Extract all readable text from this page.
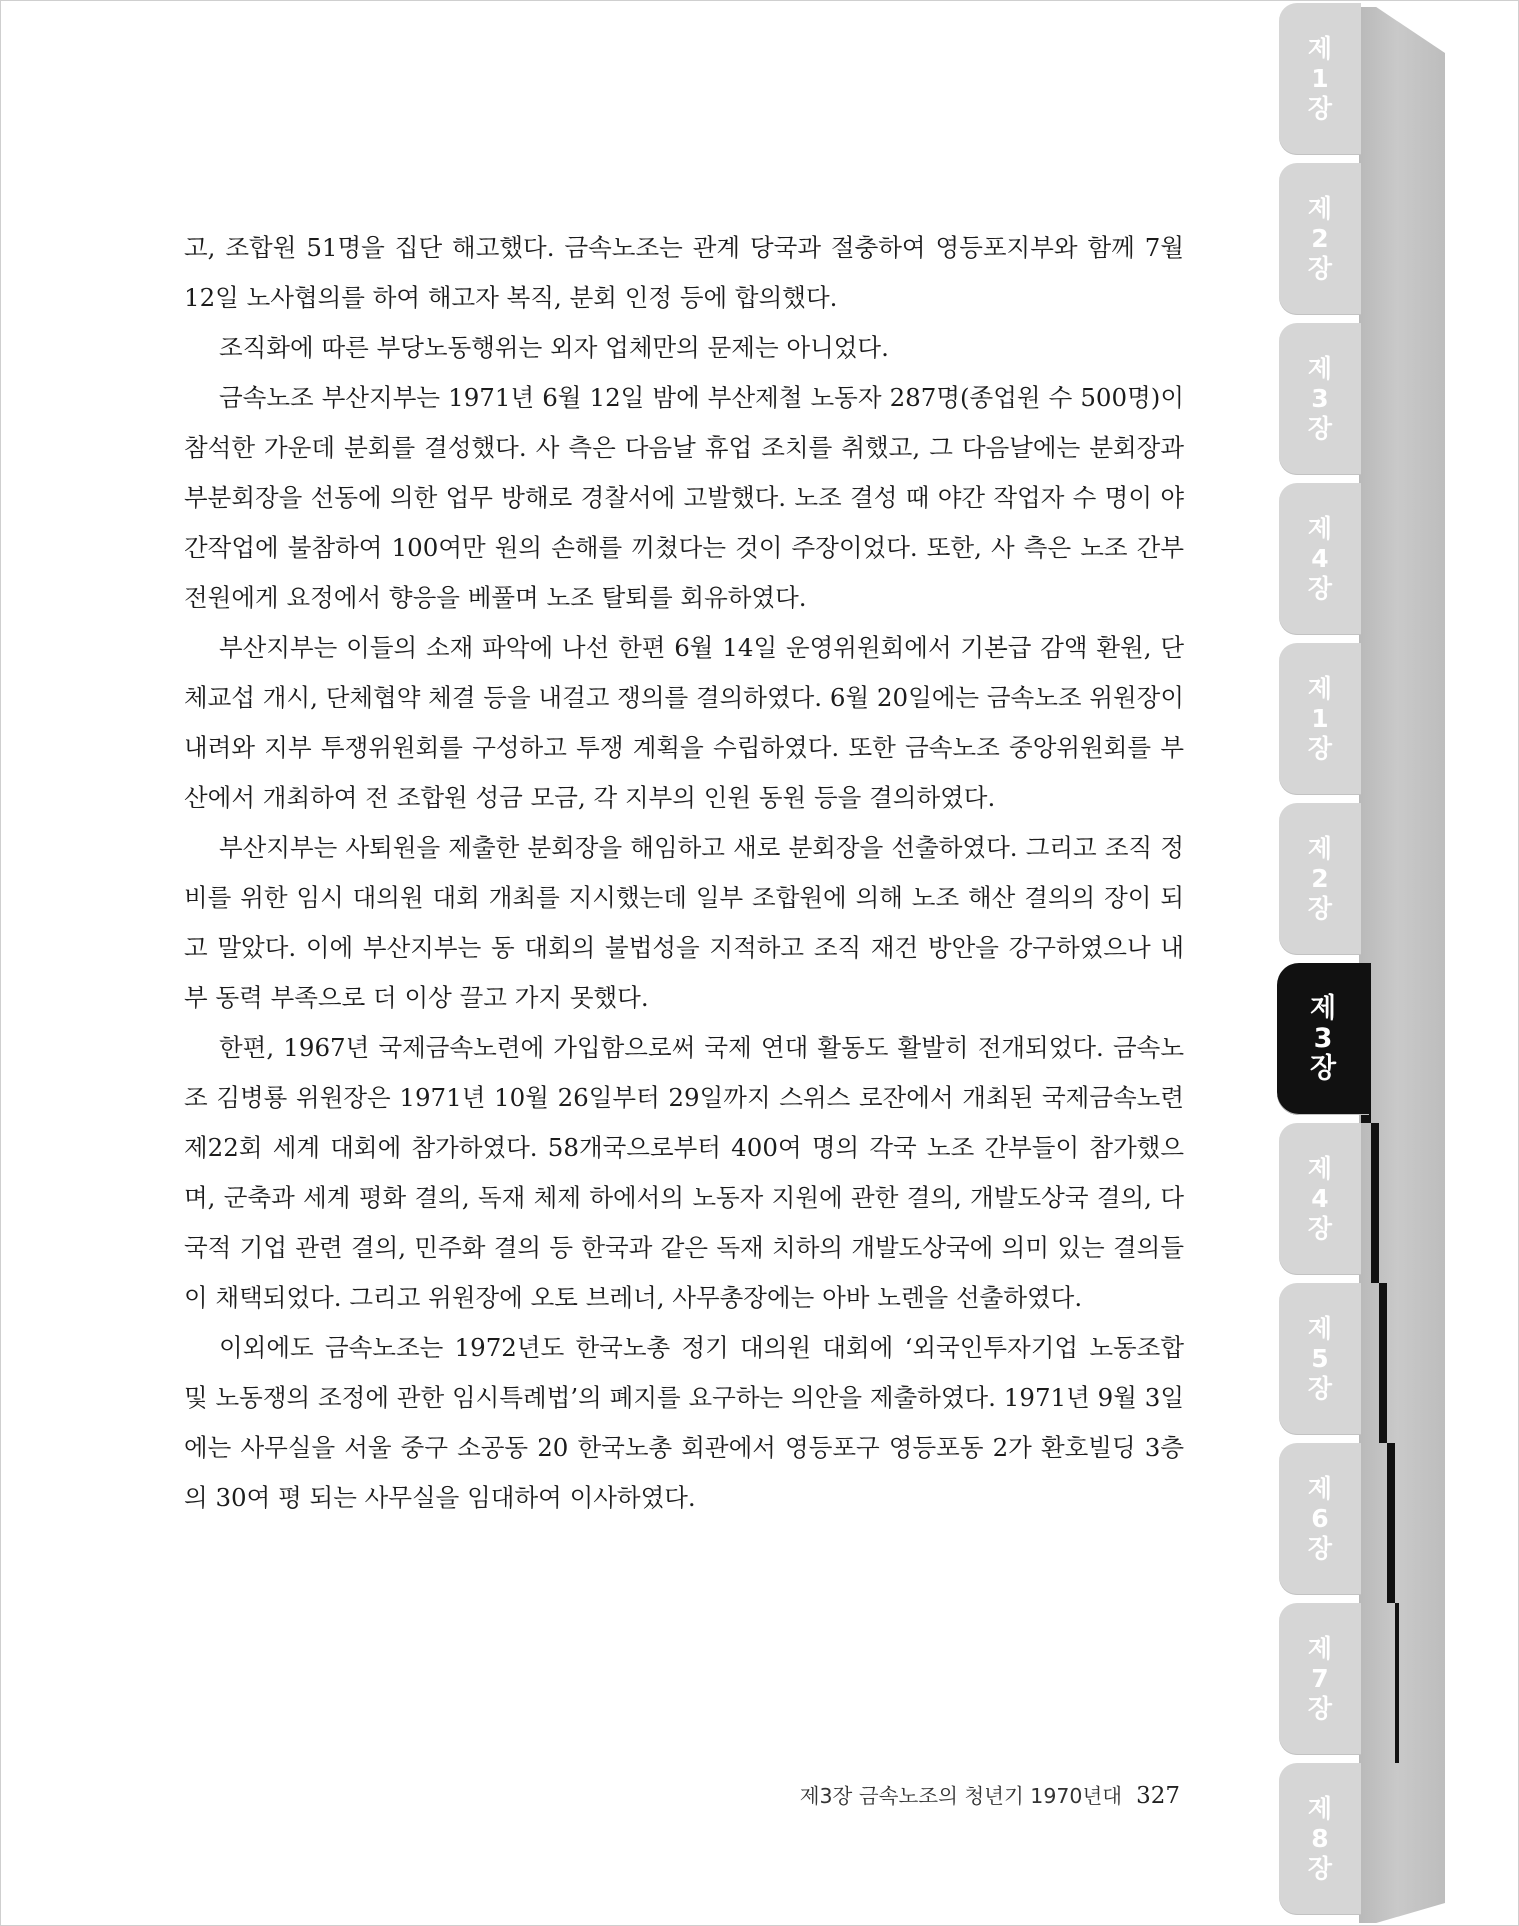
제
1
장
제
2
장
제
3
장
제
4
장
제
1
장
제
2
장
제
3
장
제
4
장
제
5
장
제
6
장
제
7
장
제
8
장

고, 조합원 51명을 집단 해고했다. 금속노조는 관계 당국과 절충하여 영등포지부와 함께 7월 12일 노사협의를 하여 해고자 복직, 분회 인정 등에 합의했다.

조직화에 따른 부당노동행위는 외자 업체만의 문제는 아니었다.

금속노조 부산지부는 1971년 6월 12일 밤에 부산제철 노동자 287명(종업원 수 500명)이 참석한 가운데 분회를 결성했다. 사 측은 다음날 휴업 조치를 취했고, 그 다음날에는 분회장과 부분회장을 선동에 의한 업무 방해로 경찰서에 고발했다. 노조 결성 때 야간 작업자 수 명이 야간작업에 불참하여 100여만 원의 손해를 끼쳤다는 것이 주장이었다. 또한, 사 측은 노조 간부 전원에게 요정에서 향응을 베풀며 노조 탈퇴를 회유하였다.

부산지부는 이들의 소재 파악에 나선 한편 6월 14일 운영위원회에서 기본급 감액 환원, 단체교섭 개시, 단체협약 체결 등을 내걸고 쟁의를 결의하였다. 6월 20일에는 금속노조 위원장이 내려와 지부 투쟁위원회를 구성하고 투쟁 계획을 수립하였다. 또한 금속노조 중앙위원회를 부산에서 개최하여 전 조합원 성금 모금, 각 지부의 인원 동원 등을 결의하였다.

부산지부는 사퇴원을 제출한 분회장을 해임하고 새로 분회장을 선출하였다. 그리고 조직 정비를 위한 임시 대의원 대회 개최를 지시했는데 일부 조합원에 의해 노조 해산 결의의 장이 되고 말았다. 이에 부산지부는 동 대회의 불법성을 지적하고 조직 재건 방안을 강구하였으나 내부 동력 부족으로 더 이상 끌고 가지 못했다.

한편, 1967년 국제금속노련에 가입함으로써 국제 연대 활동도 활발히 전개되었다. 금속노조 김병룡 위원장은 1971년 10월 26일부터 29일까지 스위스 로잔에서 개최된 국제금속노련 제22회 세계 대회에 참가하였다. 58개국으로부터 400여 명의 각국 노조 간부들이 참가했으며, 군축과 세계 평화 결의, 독재 체제 하에서의 노동자 지원에 관한 결의, 개발도상국 결의, 다국적 기업 관련 결의, 민주화 결의 등 한국과 같은 독재 치하의 개발도상국에 의미 있는 결의들이 채택되었다. 그리고 위원장에 오토 브레너, 사무총장에는 아바 노렌을 선출하였다.

이외에도 금속노조는 1972년도 한국노총 정기 대의원 대회에 ‘외국인투자기업 노동조합 및 노동쟁의 조정에 관한 임시특례법’의 폐지를 요구하는 의안을 제출하였다. 1971년 9월 3일에는 사무실을 서울 중구 소공동 20 한국노총 회관에서 영등포구 영등포동 2가 환호빌딩 3층의 30여 평 되는 사무실을 임대하여 이사하였다.

제3장 금속노조의 청년기 1970년대 327
